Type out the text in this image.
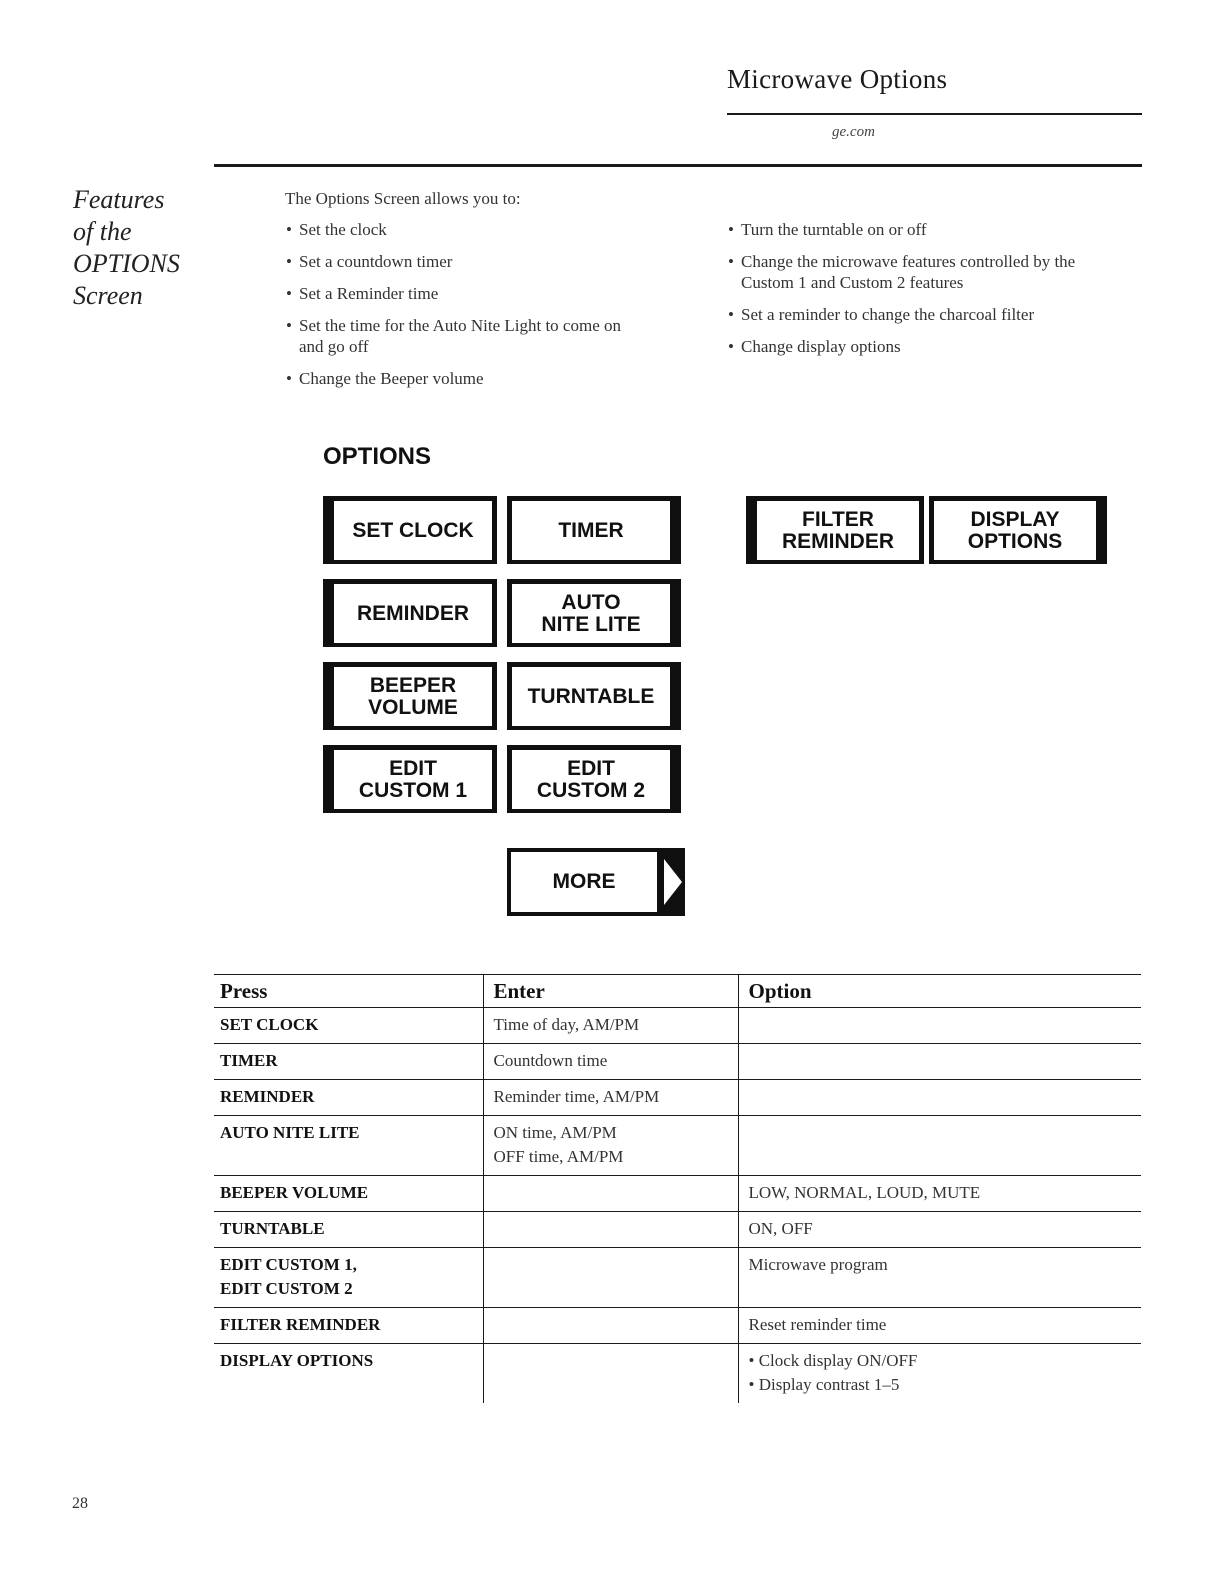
Microwave Options
ge.com
Features
of the
OPTIONS
Screen
The Options Screen allows you to:
• Set the clock
• Set a countdown timer
• Set a Reminder time
• Set the time for the Auto Nite Light to come on and go off
• Change the Beeper volume
• Turn the turntable on or off
• Change the microwave features controlled by the Custom 1 and Custom 2 features
• Set a reminder to change the charcoal filter
• Change display options
OPTIONS
SET CLOCK	TIMER
REMINDER	AUTO
NITE LITE
BEEPER
VOLUME	TURNTABLE
EDIT
CUSTOM 1
EDIT
CUSTOM 2
FILTER
REMINDER
DISPLAY
OPTIONS
MORE
Press	Enter	Option
SET CLOCK	Time of day, AM/PM	
TIMER	Countdown time	
REMINDER	Reminder time, AM/PM	
AUTO NITE LITE	ON time, AM/PM
OFF time, AM/PM	
BEEPER VOLUME		LOW, NORMAL, LOUD, MUTE
TURNTABLE		ON, OFF
EDIT CUSTOM 1,
EDIT CUSTOM 2		Microwave program
FILTER REMINDER		Reset reminder time
DISPLAY OPTIONS		• Clock display ON/OFF
• Display contrast 1–5
28
